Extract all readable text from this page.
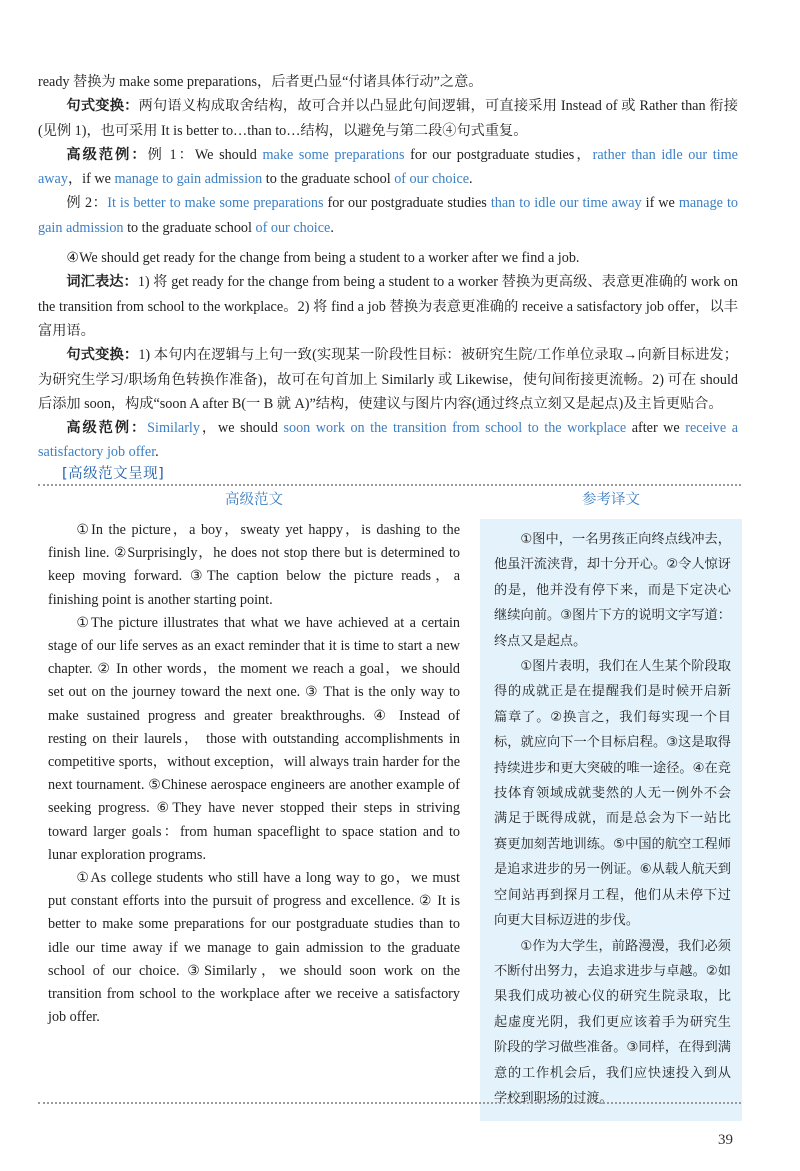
ready 替换为 make some preparations，后者更凸显“付诸具体行动”之意。

句式变换：两句语义构成取舍结构，故可合并以凸显此句间逻辑，可直接采用 Instead of 或 Rather than 衔接(见例 1)，也可采用 It is better to…than to…结构，以避免与第二段④句式重复。

高级范例：例 1：We should make some preparations for our postgraduate studies，rather than idle our time away，if we manage to gain admission to the graduate school of our choice.

例 2：It is better to make some preparations for our postgraduate studies than to idle our time away if we manage to gain admission to the graduate school of our choice.

④We should get ready for the change from being a student to a worker after we find a job.

词汇表达：1) 将 get ready for the change from being a student to a worker 替换为更高级、表意更准确的 work on the transition from school to the workplace。2) 将 find a job 替换为表意更准确的 receive a satisfactory job offer，以丰富用语。

句式变换：1) 本句内在逻辑与上句一致(实现某一阶段性目标：被研究生院/工作单位录取→向新目标进发；为研究生学习/职场角色转换作准备)，故可在句首加上 Similarly 或 Likewise，使句间衔接更流畅。2) 可在 should 后添加 soon，构成“soon A after B(一 B 就 A)”结构，使建议与图片内容(通过终点立刻又是起点)及主旨更贴合。

高级范例：Similarly，we should soon work on the transition from school to the workplace after we receive a satisfactory job offer.

[高级范文呈现]
高级范文

①In the picture，a boy，sweaty yet happy，is dashing to the finish line. ②Surprisingly，he does not stop there but is determined to keep moving forward. ③The caption below the picture reads，a finishing point is another starting point.

①The picture illustrates that what we have achieved at a certain stage of our life serves as an exact reminder that it is time to start a new chapter. ② In other words，the moment we reach a goal，we should set out on the journey toward the next one. ③ That is the only way to make sustained progress and greater breakthroughs. ④ Instead of resting on their laurels， those with outstanding accomplishments in competitive sports，without exception，will always train harder for the next tournament. ⑤Chinese aerospace engineers are another example of seeking progress. ⑥They have never stopped their steps in striving toward larger goals：from human spaceflight to space station and to lunar exploration programs.

①As college students who still have a long way to go，we must put constant efforts into the pursuit of progress and excellence. ② It is better to make some preparations for our postgraduate studies than to idle our time away if we manage to gain admission to the graduate school of our choice. ③Similarly，we should soon work on the transition from school to the workplace after we receive a satisfactory job offer.

参考译文

①图中，一名男孩正向终点线冲去，他虽汗流浃背，却十分开心。②令人惊讶的是，他并没有停下来，而是下定决心继续向前。③图片下方的说明文字写道：终点又是起点。

①图片表明，我们在人生某个阶段取得的成就正是在提醒我们是时候开启新篇章了。②换言之，我们每实现一个目标，就应向下一个目标启程。③这是取得持续进步和更大突破的唯一途径。④在竞技体育领域成就斐然的人无一例外不会满足于既得成就，而是总会为下一站比赛更加刻苦地训练。⑤中国的航空工程师是追求进步的另一例证。⑥从载人航天到空间站再到探月工程，他们从未停下过向更大目标迈进的步伐。

①作为大学生，前路漫漫，我们必须不断付出努力，去追求进步与卓越。②如果我们成功被心仪的研究生院录取，比起虚度光阴，我们更应该着手为研究生阶段的学习做些准备。③同样，在得到满意的工作机会后，我们应快速投入到从学校到职场的过渡。

39
